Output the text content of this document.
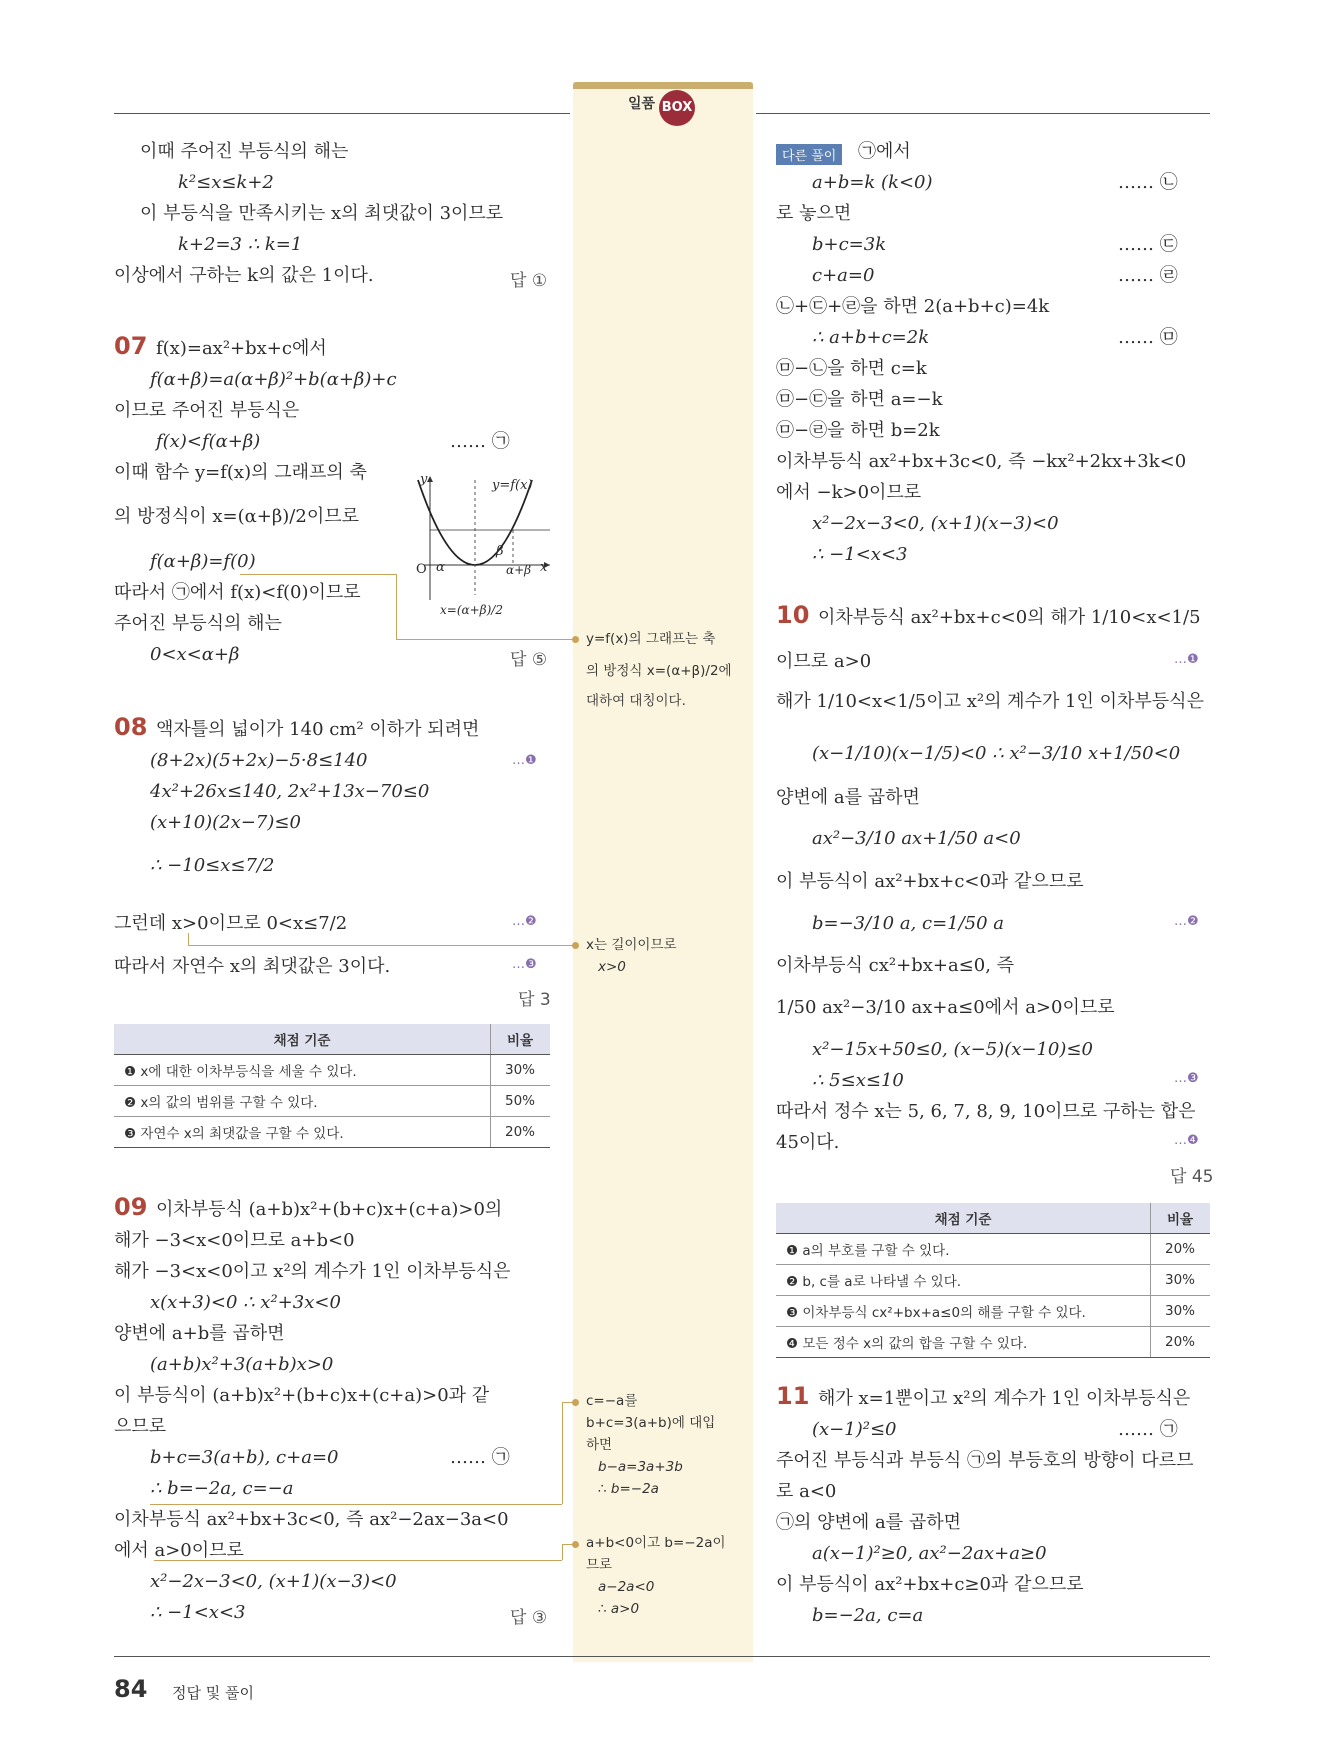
일품 BOX
이때 주어진 부등식의 해는
k²≤x≤k+2
이 부등식을 만족시키는 x의 최댓값이 3이므로
k+2=3 ∴ k=1
이상에서 구하는 k의 값은 1이다.	답 ①
07 f(x)=ax²+bx+c에서
f(α+β)=a(α+β)²+b(α+β)+c
이므로 주어진 부등식은
f(x)<f(α+β)	…… ㉠
이때 함수 y=f(x)의 그래프의 축
의 방정식이 x=(α+β)/2이므로
f(α+β)=f(0)
따라서 ㉠에서 f(x)<f(0)이므로
주어진 부등식의 해는
0<x<α+β	답 ⑤
y	y=f(x)
O α
β
α+β x
x=(α+β)/2
08 액자틀의 넓이가 140 cm² 이하가 되려면
(8+2x)(5+2x)−5·8≤140	…❶
4x²+26x≤140, 2x²+13x−70≤0
(x+10)(2x−7)≤0
∴ −10≤x≤7/2
그런데 x>0이므로 0<x≤7/2	…❷
따라서 자연수 x의 최댓값은 3이다.	…❸
답 3
채점 기준	비율
❶ x에 대한 이차부등식을 세울 수 있다.	30%
❷ x의 값의 범위를 구할 수 있다.	50%
❸ 자연수 x의 최댓값을 구할 수 있다.	20%
09 이차부등식 (a+b)x²+(b+c)x+(c+a)>0의
해가 −3<x<0이므로 a+b<0
해가 −3<x<0이고 x²의 계수가 1인 이차부등식은
x(x+3)<0 ∴ x²+3x<0
양변에 a+b를 곱하면
(a+b)x²+3(a+b)x>0
이 부등식이 (a+b)x²+(b+c)x+(c+a)>0과 같
으므로
b+c=3(a+b), c+a=0	…… ㉠
∴ b=−2a, c=−a
이차부등식 ax²+bx+3c<0, 즉 ax²−2ax−3a<0
에서 a>0이므로
x²−2x−3<0, (x+1)(x−3)<0
∴ −1<x<3	답 ③
y=f(x)의 그래프는 축
의 방정식 x=(α+β)/2에
대하여 대칭이다.
x는 길이이므로
x>0
c=−a를
b+c=3(a+b)에 대입
하면
b−a=3a+3b
∴ b=−2a
a+b<0이고 b=−2a이
므로
a−2a<0
∴ a>0
다른 풀이	㉠에서
a+b=k (k<0)	…… ㉡
로 놓으면
b+c=3k	…… ㉢
c+a=0	…… ㉣
㉡+㉢+㉣을 하면 2(a+b+c)=4k
∴ a+b+c=2k	…… ㉤
㉤−㉡을 하면 c=k
㉤−㉢을 하면 a=−k
㉤−㉣을 하면 b=2k
이차부등식 ax²+bx+3c<0, 즉 −kx²+2kx+3k<0
에서 −k>0이므로
x²−2x−3<0, (x+1)(x−3)<0
∴ −1<x<3
10 이차부등식 ax²+bx+c<0의 해가 1/10<x<1/5
이므로 a>0	…❶
해가 1/10<x<1/5이고 x²의 계수가 1인 이차부등식은
(x−1/10)(x−1/5)<0 ∴ x²−3/10 x+1/50<0
양변에 a를 곱하면
ax²−3/10 ax+1/50 a<0
이 부등식이 ax²+bx+c<0과 같으므로
b=−3/10 a, c=1/50 a	…❷
이차부등식 cx²+bx+a≤0, 즉
1/50 ax²−3/10 ax+a≤0에서 a>0이므로
x²−15x+50≤0, (x−5)(x−10)≤0
∴ 5≤x≤10	…❸
따라서 정수 x는 5, 6, 7, 8, 9, 10이므로 구하는 합은
45이다.	…❹
답 45
채점 기준	비율
❶ a의 부호를 구할 수 있다.	20%
❷ b, c를 a로 나타낼 수 있다.	30%
❸ 이차부등식 cx²+bx+a≤0의 해를 구할 수 있다.	30%
❹ 모든 정수 x의 값의 합을 구할 수 있다.	20%
11 해가 x=1뿐이고 x²의 계수가 1인 이차부등식은
(x−1)²≤0	…… ㉠
주어진 부등식과 부등식 ㉠의 부등호의 방향이 다르므
로 a<0
㉠의 양변에 a를 곱하면
a(x−1)²≥0, ax²−2ax+a≥0
이 부등식이 ax²+bx+c≥0과 같으므로
b=−2a, c=a
84 정답 및 풀이
